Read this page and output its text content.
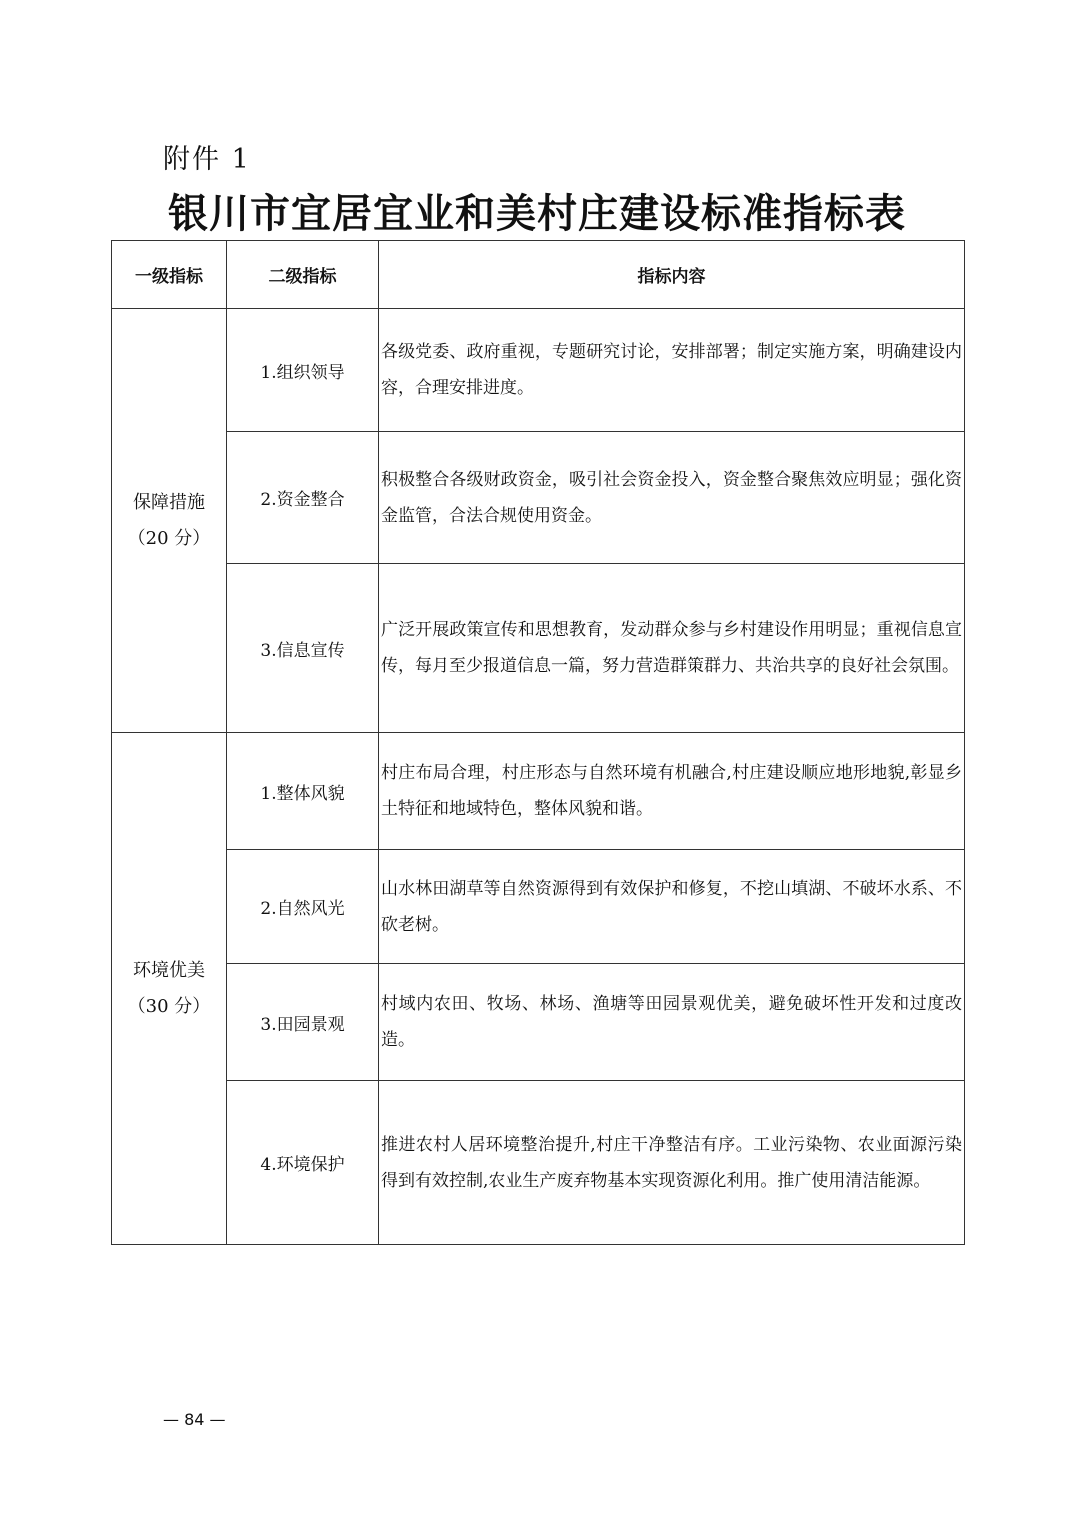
附件 1
银川市宜居宜业和美村庄建设标准指标表
一级指标	二级指标	指标内容

保障措施
（20 分）	1.组织领导	各级党委、政府重视，专题研究讨论，安排部署；制定实施方案，明确建设内容，合理安排进度。
	2.资金整合	积极整合各级财政资金，吸引社会资金投入，资金整合聚焦效应明显；强化资金监管，合法合规使用资金。
	3.信息宣传	广泛开展政策宣传和思想教育，发动群众参与乡村建设作用明显；重视信息宣传，每月至少报道信息一篇，努力营造群策群力、共治共享的良好社会氛围。

环境优美
（30 分）	1.整体风貌	村庄布局合理，村庄形态与自然环境有机融合,村庄建设顺应地形地貌,彰显乡土特征和地域特色，整体风貌和谐。
	2.自然风光	山水林田湖草等自然资源得到有效保护和修复，不挖山填湖、不破坏水系、不砍老树。
	3.田园景观	村域内农田、牧场、林场、渔塘等田园景观优美，避免破坏性开发和过度改造。
	4.环境保护	推进农村人居环境整治提升,村庄干净整洁有序。工业污染物、农业面源污染得到有效控制,农业生产废弃物基本实现资源化利用。推广使用清洁能源。
— 84 —
